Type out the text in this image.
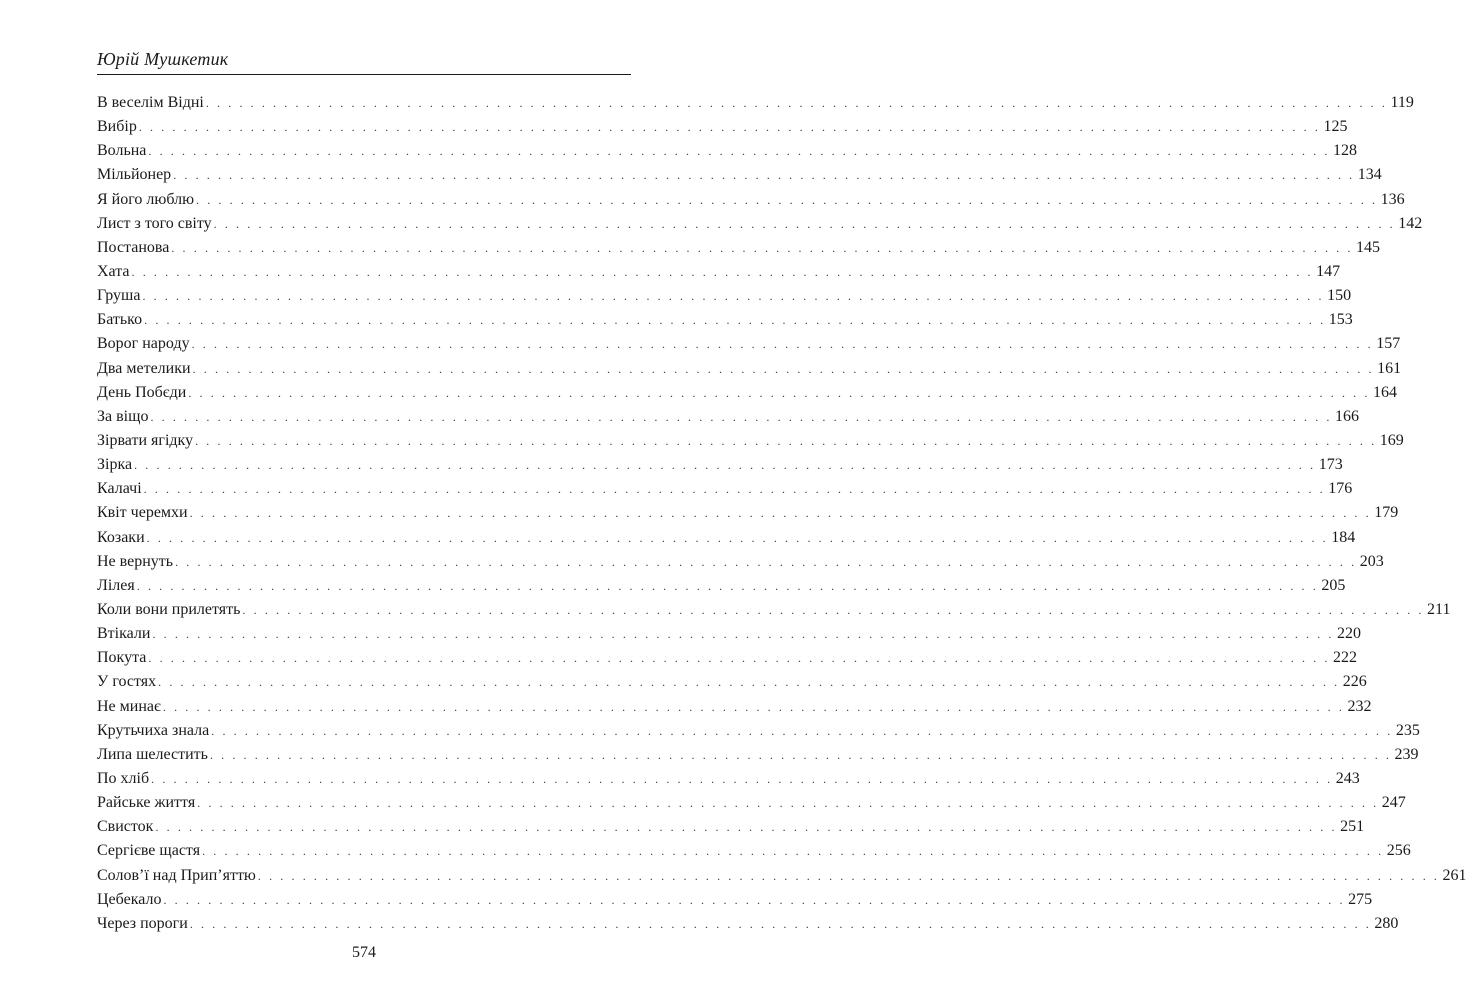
Юрій Мушкетик
В веселім Відні . . . . . . . . . . . . . . . . . . . . . . . . . . . . . . . . . . . . . . . . . . . . . . . . . . . . . . . . . . . . . . . . . . . . . . . . . . . . . . . . . . . . . . . . . . . . . . . . . . . . . . . . . . 119
Вибір . . . . . . . . . . . . . . . . . . . . . . . . . . . . . . . . . . . . . . . . . . . . . . . . . . . . . . . . . . . . . . . . . . . . . . . . . . . . . . . . . . . . . . . . . . . . . . . . . . . . . . . . . . 125
Вольна . . . . . . . . . . . . . . . . . . . . . . . . . . . . . . . . . . . . . . . . . . . . . . . . . . . . . . . . . . . . . . . . . . . . . . . . . . . . . . . . . . . . . . . . . . . . . . . . . . . . . . . . . . 128
Мільйонер . . . . . . . . . . . . . . . . . . . . . . . . . . . . . . . . . . . . . . . . . . . . . . . . . . . . . . . . . . . . . . . . . . . . . . . . . . . . . . . . . . . . . . . . . . . . . . . . . . . . . . . . . . 134
Я його люблю . . . . . . . . . . . . . . . . . . . . . . . . . . . . . . . . . . . . . . . . . . . . . . . . . . . . . . . . . . . . . . . . . . . . . . . . . . . . . . . . . . . . . . . . . . . . . . . . . . . . . . . . . . 136
Лист з того світу . . . . . . . . . . . . . . . . . . . . . . . . . . . . . . . . . . . . . . . . . . . . . . . . . . . . . . . . . . . . . . . . . . . . . . . . . . . . . . . . . . . . . . . . . . . . . . . . . . . . . . . . . . 142
Постанова . . . . . . . . . . . . . . . . . . . . . . . . . . . . . . . . . . . . . . . . . . . . . . . . . . . . . . . . . . . . . . . . . . . . . . . . . . . . . . . . . . . . . . . . . . . . . . . . . . . . . . . . . . 145
Хата . . . . . . . . . . . . . . . . . . . . . . . . . . . . . . . . . . . . . . . . . . . . . . . . . . . . . . . . . . . . . . . . . . . . . . . . . . . . . . . . . . . . . . . . . . . . . . . . . . . . . . . . . . 147
Груша . . . . . . . . . . . . . . . . . . . . . . . . . . . . . . . . . . . . . . . . . . . . . . . . . . . . . . . . . . . . . . . . . . . . . . . . . . . . . . . . . . . . . . . . . . . . . . . . . . . . . . . . . . 150
Батько . . . . . . . . . . . . . . . . . . . . . . . . . . . . . . . . . . . . . . . . . . . . . . . . . . . . . . . . . . . . . . . . . . . . . . . . . . . . . . . . . . . . . . . . . . . . . . . . . . . . . . . . . . 153
Ворог народу . . . . . . . . . . . . . . . . . . . . . . . . . . . . . . . . . . . . . . . . . . . . . . . . . . . . . . . . . . . . . . . . . . . . . . . . . . . . . . . . . . . . . . . . . . . . . . . . . . . . . . . . . . 157
Два метелики . . . . . . . . . . . . . . . . . . . . . . . . . . . . . . . . . . . . . . . . . . . . . . . . . . . . . . . . . . . . . . . . . . . . . . . . . . . . . . . . . . . . . . . . . . . . . . . . . . . . . . . . . . 161
День Побєди . . . . . . . . . . . . . . . . . . . . . . . . . . . . . . . . . . . . . . . . . . . . . . . . . . . . . . . . . . . . . . . . . . . . . . . . . . . . . . . . . . . . . . . . . . . . . . . . . . . . . . . . . . 164
За віщо . . . . . . . . . . . . . . . . . . . . . . . . . . . . . . . . . . . . . . . . . . . . . . . . . . . . . . . . . . . . . . . . . . . . . . . . . . . . . . . . . . . . . . . . . . . . . . . . . . . . . . . . . . 166
Зірвати ягідку . . . . . . . . . . . . . . . . . . . . . . . . . . . . . . . . . . . . . . . . . . . . . . . . . . . . . . . . . . . . . . . . . . . . . . . . . . . . . . . . . . . . . . . . . . . . . . . . . . . . . . . . . . 169
Зірка . . . . . . . . . . . . . . . . . . . . . . . . . . . . . . . . . . . . . . . . . . . . . . . . . . . . . . . . . . . . . . . . . . . . . . . . . . . . . . . . . . . . . . . . . . . . . . . . . . . . . . . . . . 173
Калачі . . . . . . . . . . . . . . . . . . . . . . . . . . . . . . . . . . . . . . . . . . . . . . . . . . . . . . . . . . . . . . . . . . . . . . . . . . . . . . . . . . . . . . . . . . . . . . . . . . . . . . . . . . 176
Квіт черемхи . . . . . . . . . . . . . . . . . . . . . . . . . . . . . . . . . . . . . . . . . . . . . . . . . . . . . . . . . . . . . . . . . . . . . . . . . . . . . . . . . . . . . . . . . . . . . . . . . . . . . . . . . . 179
Козаки . . . . . . . . . . . . . . . . . . . . . . . . . . . . . . . . . . . . . . . . . . . . . . . . . . . . . . . . . . . . . . . . . . . . . . . . . . . . . . . . . . . . . . . . . . . . . . . . . . . . . . . . . . 184
Не вернуть . . . . . . . . . . . . . . . . . . . . . . . . . . . . . . . . . . . . . . . . . . . . . . . . . . . . . . . . . . . . . . . . . . . . . . . . . . . . . . . . . . . . . . . . . . . . . . . . . . . . . . . . . . 203
Лілея . . . . . . . . . . . . . . . . . . . . . . . . . . . . . . . . . . . . . . . . . . . . . . . . . . . . . . . . . . . . . . . . . . . . . . . . . . . . . . . . . . . . . . . . . . . . . . . . . . . . . . . . . . 205
Коли вони прилетять . . . . . . . . . . . . . . . . . . . . . . . . . . . . . . . . . . . . . . . . . . . . . . . . . . . . . . . . . . . . . . . . . . . . . . . . . . . . . . . . . . . . . . . . . . . . . . . . . . . . . . . . . . 211
Втікали . . . . . . . . . . . . . . . . . . . . . . . . . . . . . . . . . . . . . . . . . . . . . . . . . . . . . . . . . . . . . . . . . . . . . . . . . . . . . . . . . . . . . . . . . . . . . . . . . . . . . . . . . . 220
Покута . . . . . . . . . . . . . . . . . . . . . . . . . . . . . . . . . . . . . . . . . . . . . . . . . . . . . . . . . . . . . . . . . . . . . . . . . . . . . . . . . . . . . . . . . . . . . . . . . . . . . . . . . . 222
У гостях . . . . . . . . . . . . . . . . . . . . . . . . . . . . . . . . . . . . . . . . . . . . . . . . . . . . . . . . . . . . . . . . . . . . . . . . . . . . . . . . . . . . . . . . . . . . . . . . . . . . . . . . . . 226
Не минає . . . . . . . . . . . . . . . . . . . . . . . . . . . . . . . . . . . . . . . . . . . . . . . . . . . . . . . . . . . . . . . . . . . . . . . . . . . . . . . . . . . . . . . . . . . . . . . . . . . . . . . . . . 232
Крутьчиха знала . . . . . . . . . . . . . . . . . . . . . . . . . . . . . . . . . . . . . . . . . . . . . . . . . . . . . . . . . . . . . . . . . . . . . . . . . . . . . . . . . . . . . . . . . . . . . . . . . . . . . . . . . . 235
Липа шелестить . . . . . . . . . . . . . . . . . . . . . . . . . . . . . . . . . . . . . . . . . . . . . . . . . . . . . . . . . . . . . . . . . . . . . . . . . . . . . . . . . . . . . . . . . . . . . . . . . . . . . . . . . . 239
По хліб . . . . . . . . . . . . . . . . . . . . . . . . . . . . . . . . . . . . . . . . . . . . . . . . . . . . . . . . . . . . . . . . . . . . . . . . . . . . . . . . . . . . . . . . . . . . . . . . . . . . . . . . . . 243
Райське життя . . . . . . . . . . . . . . . . . . . . . . . . . . . . . . . . . . . . . . . . . . . . . . . . . . . . . . . . . . . . . . . . . . . . . . . . . . . . . . . . . . . . . . . . . . . . . . . . . . . . . . . . . . 247
Свисток . . . . . . . . . . . . . . . . . . . . . . . . . . . . . . . . . . . . . . . . . . . . . . . . . . . . . . . . . . . . . . . . . . . . . . . . . . . . . . . . . . . . . . . . . . . . . . . . . . . . . . . . . . 251
Сергієве щастя . . . . . . . . . . . . . . . . . . . . . . . . . . . . . . . . . . . . . . . . . . . . . . . . . . . . . . . . . . . . . . . . . . . . . . . . . . . . . . . . . . . . . . . . . . . . . . . . . . . . . . . . . . 256
Солов’ї над Прип’яттю . . . . . . . . . . . . . . . . . . . . . . . . . . . . . . . . . . . . . . . . . . . . . . . . . . . . . . . . . . . . . . . . . . . . . . . . . . . . . . . . . . . . . . . . . . . . . . . . . . . . . . . . . . 261
Цебекало . . . . . . . . . . . . . . . . . . . . . . . . . . . . . . . . . . . . . . . . . . . . . . . . . . . . . . . . . . . . . . . . . . . . . . . . . . . . . . . . . . . . . . . . . . . . . . . . . . . . . . . . . . 275
Через пороги . . . . . . . . . . . . . . . . . . . . . . . . . . . . . . . . . . . . . . . . . . . . . . . . . . . . . . . . . . . . . . . . . . . . . . . . . . . . . . . . . . . . . . . . . . . . . . . . . . . . . . . . . . 280
574
